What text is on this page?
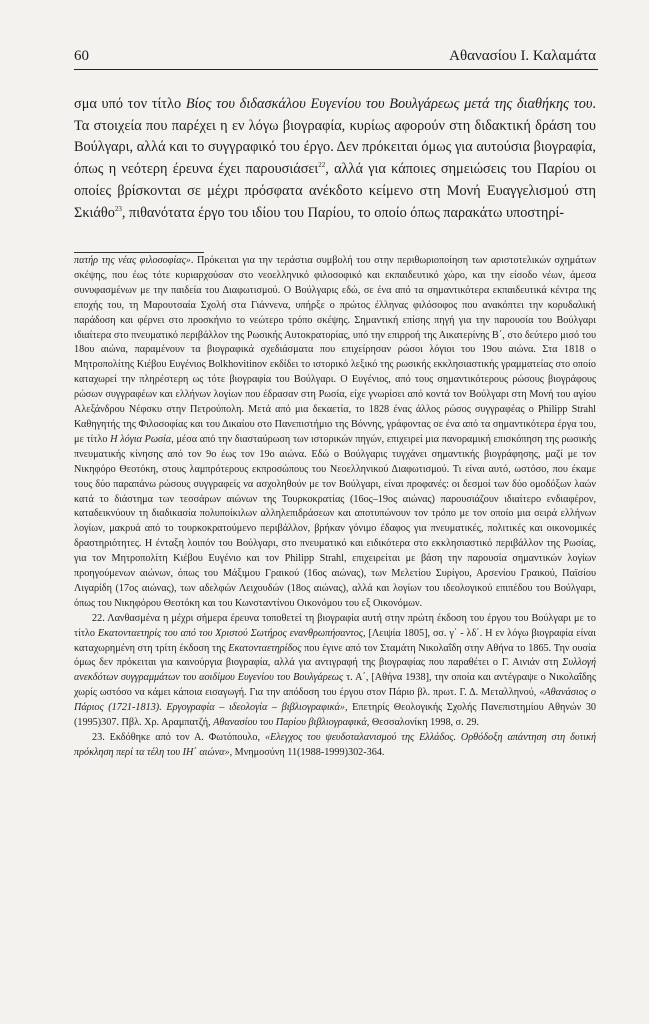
60	Αθανασίου Ι. Καλαμάτα
σμα υπό τον τίτλο Βίος του διδασκάλου Ευγενίου του Βουλγάρεως μετά της διαθήκης του. Τα στοιχεία που παρέχει η εν λόγω βιογραφία, κυρίως αφορούν στη διδακτική δράση του Βούλγαρι, αλλά και το συγγραφικό του έργο. Δεν πρόκειται όμως για αυτούσια βιογραφία, όπως η νεότερη έρευνα έχει παρουσιάσει$^{22}$, αλλά για κάποιες σημειώσεις του Παρίου οι οποίες βρίσκονται σε μέχρι πρόσφατα ανέκδοτο κείμενο στη Μονή Ευαγγελισμού στη Σκιάθο$^{23}$, πιθανότατα έργο του ιδίου του Παρίου, το οποίο όπως παρακάτω υποστηρί-

πατήρ της νέας φιλοσοφίας». Πρόκειται για την τεράστια συμβολή του στην περιθωριοποίηση των αριστοτελικών σχημάτων σκέψης, που έως τότε κυριαρχούσαν στο νεοελληνικό φιλοσοφικό και εκπαιδευτικό χώρο, και την είσοδο νέων, άμεσα συνυφασμένων με την παιδεία του Διαφωτισμού. Ο Βούλγαρις εδώ, σε ένα από τα σημαντικότερα εκπαιδευτικά κέντρα της εποχής του, τη Μαρουτσαία Σχολή στα Γιάννενα, υπήρξε ο πρώτος έλληνας φιλόσοφος που ανακόπτει την κορυδαλική παράδοση και φέρνει στο προσκήνιο το νεώτερο τρόπο σκέψης. Σημαντική επίσης πηγή για την παρουσία του Βούλγαρι ιδιαίτερα στο πνευματικό περιβάλλον της Ρωσικής Αυτοκρατορίας, υπό την επιρροή της Αικατερίνης Β΄, στο δεύτερο μισό του 18ου αιώνα, παραμένουν τα βιογραφικά σχεδιάσματα που επιχείρησαν ρώσοι λόγιοι του 19ου αιώνα. Στα 1818 ο Μητροπολίτης Κιέβου Ευγένιος Bolkhovitinov εκδίδει το ιστορικό λεξικό της ρωσικής εκκλησιαστικής γραμματείας στο οποίο καταχωρεί την πληρέστερη ως τότε βιογραφία του Βούλγαρι. Ο Ευγένιος, από τους σημαντικότερους ρώσους βιογράφους ρώσων συγγραφέων και ελλήνων λογίων που έδρασαν στη Ρωσία, είχε γνωρίσει από κοντά τον Βούλγαρι στη Μονή του αγίου Αλεξάνδρου Νέφσκυ στην Πετρούπολη. Μετά από μια δεκαετία, το 1828 ένας άλλος ρώσος συγγραφέας ο Philipp Strahl Καθηγητής της Φιλοσοφίας και του Δικαίου στο Πανεπιστήμιο της Βόννης, γράφοντας σε ένα από τα σημαντικότερα έργα του, με τίτλο Η λόγια Ρωσία, μέσα από την διασταύρωση των ιστορικών πηγών, επιχειρεί μια πανοραμική επισκόπηση της ρωσικής πνευματικής κίνησης από τον 9ο έως τον 19ο αιώνα. Εδώ ο Βούλγαρις τυγχάνει σημαντικής βιογράφησης, μαζί με τον Νικηφόρο Θεοτόκη, στους λαμπρότερους εκπροσώπους του Νεοελληνικού Διαφωτισμού. Τι είναι αυτό, ωστόσο, που έκαμε τους δύο παραπάνω ρώσους συγγραφείς να ασχοληθούν με τον Βούλγαρι, είναι προφανές: οι δεσμοί των δύο ομοδόξων λαών κατά το διάστημα των τεσσάρων αιώνων της Τουρκοκρατίας (16ος–19ος αιώνας) παρουσιάζουν ιδιαίτερο ενδιαφέρον, καταδεικνύουν τη διαδικασία πολυποίκιλων αλληλεπιδράσεων και αποτυπώνουν τον τρόπο με τον οποίο μια σειρά ελλήνων λογίων, μακρυά από το τουρκοκρατούμενο περιβάλλον, βρήκαν γόνιμο έδαφος για πνευματικές, πολιτικές και οικονομικές δραστηριότητες. Η ένταξη λοιπόν του Βούλγαρι, στο πνευματικό και ειδικότερα στο εκκλησιαστικό περιβάλλον της Ρωσίας, για τον Μητροπολίτη Κιέβου Ευγένιο και τον Philipp Strahl, επιχειρείται με βάση την παρουσία σημαντικών λογίων προηγούμενων αιώνων, όπως του Μάξιμου Γραικού (16ος αιώνας), των Μελετίου Συρίγου, Αρσενίου Γραικού, Παϊσίου Λιγαρίδη (17ος αιώνας), των αδελφών Λειχουδών (18ος αιώνας), αλλά και λογίων του ιδεολογικού επιπέδου του Βούλγαρι, όπως του Νικηφόρου Θεοτόκη και του Κωνσταντίνου Οικονόμου του εξ Οικονόμων.

22. Λανθασμένα η μέχρι σήμερα έρευνα τοποθετεί τη βιογραφία αυτή στην πρώτη έκδοση του έργου του Βούλγαρι με το τίτλο Εκατονταετηρίς του από του Χριστού Σωτήρος ενανθρωπήσαντος, [Λειψία 1805], σσ. γ΄ - λδ΄. Η εν λόγω βιογραφία είναι καταχωρημένη στη τρίτη έκδοση της Εκατονταετηρίδος που έγινε από τον Σταμάτη Νικολαΐδη στην Αθήνα το 1865. Την ουσία όμως δεν πρόκειται για καινούργια βιογραφία, αλλά για αντιγραφή της βιογραφίας που παραθέτει ο Γ. Αινιάν στη Συλλογή ανεκδότων συγγραμμάτων του αοιδίμου Ευγενίου του Βουλγάρεως τ. Α΄, [Αθήνα 1938], την οποία και αντέγραψε ο Νικολαΐδης χωρίς ωστόσο να κάμει κάποια εισαγωγή. Για την απόδοση του έργου στον Πάριο βλ. πρωτ. Γ. Δ. Μεταλληνού, «Αθανάσιος ο Πάριος (1721-1813). Εργογραφία – ιδεολογία – βιβλιογραφικά», Επετηρίς Θεολογικής Σχολής Πανεπιστημίου Αθηνών 30 (1995)307. Πβλ. Χρ. Αραμπατζή, Αθανασίου του Παρίου βιβλιογραφικά, Θεσσαλονίκη 1998, σ. 29.

23. Εκδόθηκε από τον Α. Φωτόπουλο, «Ελεγχος του ψευδοταλανισμού της Ελλάδος. Ορθόδοξη απάντηση στη δυτική πρόκληση περί τα τέλη του ΙΗ΄ αιώνα», Μνημοσύνη 11(1988-1999)302-364.
